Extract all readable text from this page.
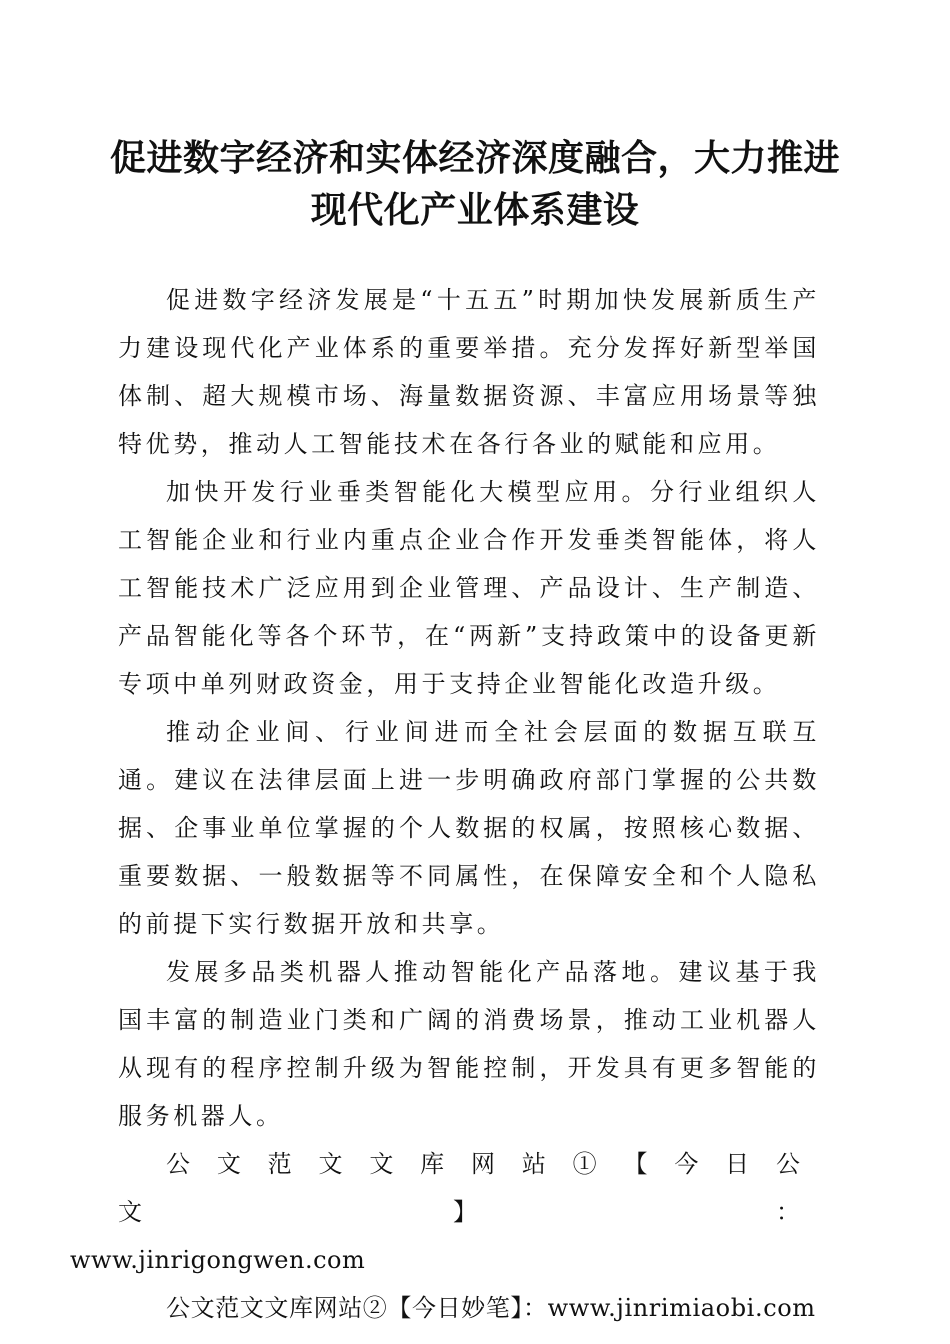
促进数字经济和实体经济深度融合，大力推进
现代化产业体系建设

促进数字经济发展是“十五五”时期加快发展新质生产力建设现代化产业体系的重要举措。充分发挥好新型举国体制、超大规模市场、海量数据资源、丰富应用场景等独特优势，推动人工智能技术在各行各业的赋能和应用。

加快开发行业垂类智能化大模型应用。分行业组织人工智能企业和行业内重点企业合作开发垂类智能体，将人工智能技术广泛应用到企业管理、产品设计、生产制造、产品智能化等各个环节，在“两新”支持政策中的设备更新专项中单列财政资金，用于支持企业智能化改造升级。

推动企业间、行业间进而全社会层面的数据互联互通。建议在法律层面上进一步明确政府部门掌握的公共数据、企事业单位掌握的个人数据的权属，按照核心数据、重要数据、一般数据等不同属性，在保障安全和个人隐私的前提下实行数据开放和共享。

发展多品类机器人推动智能化产品落地。建议基于我国丰富的制造业门类和广阔的消费场景，推动工业机器人从现有的程序控制升级为智能控制，开发具有更多智能的服务机器人。

公文范文文库网站①【今日公文】：
www.jinrigongwen.com

公文范文文库网站②【今日妙笔】：www.jinrimiaobi.com
